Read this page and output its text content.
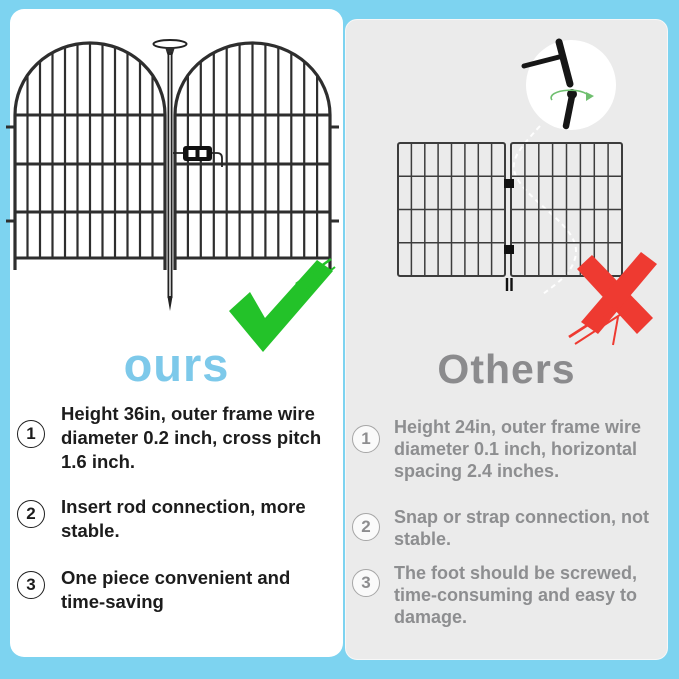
ours	Others
1
Height 36in, outer frame wire
diameter 0.2 inch, cross pitch
1.6 inch.
2	Insert rod connection, more
stable.
3	One piece convenient and
time-saving
1
Height 24in, outer frame wire
diameter 0.1 inch, horizontal
spacing 2.4 inches.
2	Snap or strap connection, not
stable.
3	The foot should be screwed,
time-consuming and easy to
damage.
